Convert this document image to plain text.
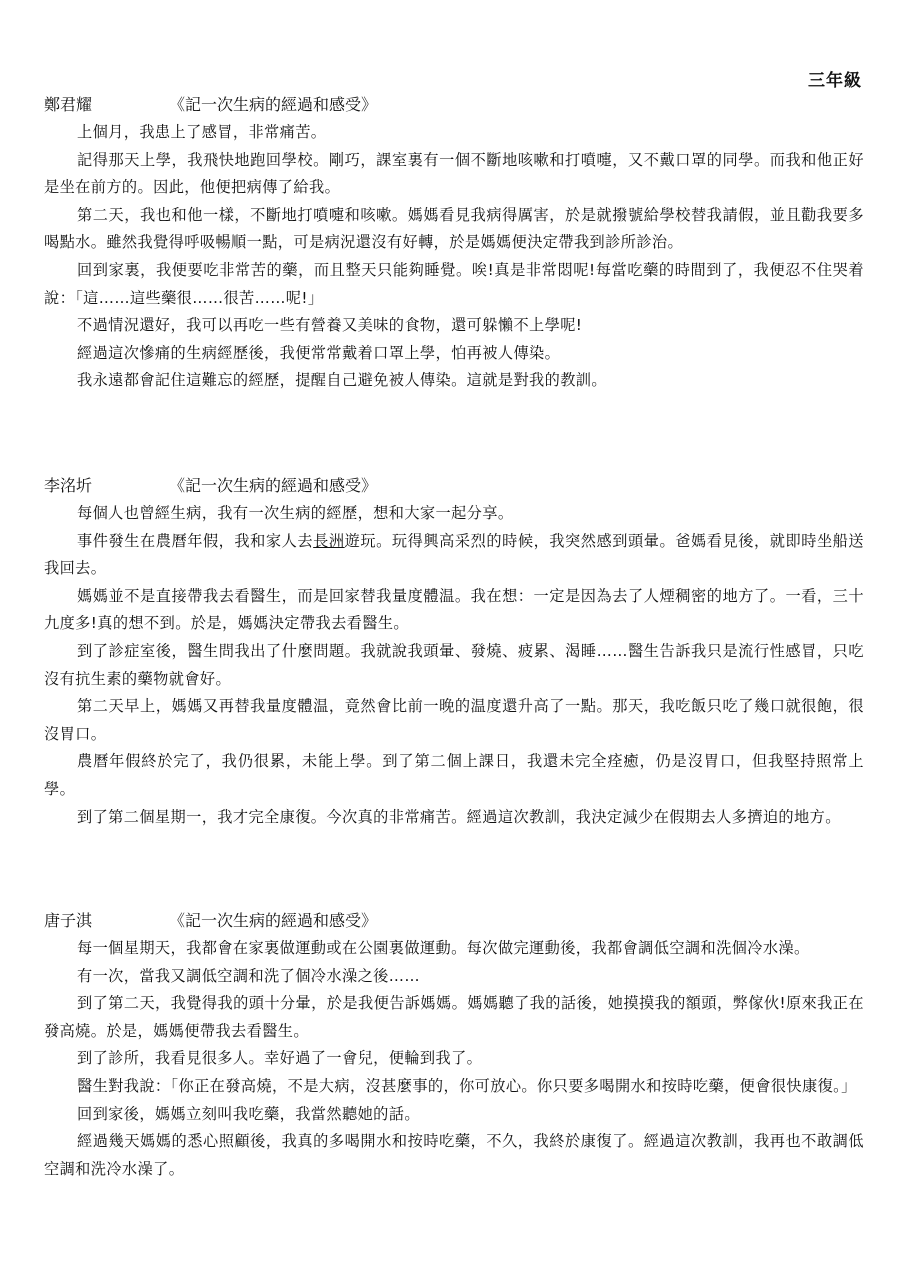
三年級
鄭君耀	《記一次生病的經過和感受》

上個月，我患上了感冒，非常痛苦。

記得那天上學，我飛快地跑回學校。剛巧，課室裏有一個不斷地咳嗽和打噴嚏，又不戴口罩的同學。而我和他正好是坐在前方的。因此，他便把病傳了給我。

第二天，我也和他一樣，不斷地打噴嚏和咳嗽。媽媽看見我病得厲害，於是就撥號給學校替我請假，並且勸我要多喝點水。雖然我覺得呼吸暢順一點，可是病況還沒有好轉，於是媽媽便決定帶我到診所診治。

回到家裏，我便要吃非常苦的藥，而且整天只能夠睡覺。唉!真是非常悶呢!每當吃藥的時間到了，我便忍不住哭着說：「這……這些藥很……很苦……呢!」

不過情況還好，我可以再吃一些有營養又美味的食物，還可躲懶不上學呢!

經過這次慘痛的生病經歷後，我便常常戴着口罩上學，怕再被人傳染。

我永遠都會記住這難忘的經歷，提醒自己避免被人傳染。這就是對我的教訓。

李洺圻	《記一次生病的經過和感受》

每個人也曾經生病，我有一次生病的經歷，想和大家一起分享。

事件發生在農曆年假，我和家人去長洲遊玩。玩得興高采烈的時候，我突然感到頭暈。爸媽看見後，就即時坐船送我回去。

媽媽並不是直接帶我去看醫生，而是回家替我量度體温。我在想：一定是因為去了人煙稠密的地方了。一看，三十九度多!真的想不到。於是，媽媽決定帶我去看醫生。

到了診症室後，醫生問我出了什麼問題。我就說我頭暈、發燒、疲累、渴睡……醫生告訴我只是流行性感冒，只吃沒有抗生素的藥物就會好。

第二天早上，媽媽又再替我量度體温，竟然會比前一晚的温度還升高了一點。那天，我吃飯只吃了幾口就很飽，很沒胃口。

農曆年假終於完了，我仍很累，未能上學。到了第二個上課日，我還未完全痊癒，仍是沒胃口，但我堅持照常上學。

到了第二個星期一，我才完全康復。今次真的非常痛苦。經過這次教訓，我決定減少在假期去人多擠迫的地方。

唐子淇	《記一次生病的經過和感受》

每一個星期天，我都會在家裏做運動或在公園裏做運動。每次做完運動後，我都會調低空調和洗個冷水澡。

有一次，當我又調低空調和洗了個冷水澡之後……

到了第二天，我覺得我的頭十分暈，於是我便告訴媽媽。媽媽聽了我的話後，她摸摸我的額頭，弊傢伙!原來我正在發高燒。於是，媽媽便帶我去看醫生。

到了診所，我看見很多人。幸好過了一會兒，便輪到我了。

醫生對我說：「你正在發高燒，不是大病，沒甚麼事的，你可放心。你只要多喝開水和按時吃藥，便會很快康復。」

回到家後，媽媽立刻叫我吃藥，我當然聽她的話。

經過幾天媽媽的悉心照顧後，我真的多喝開水和按時吃藥，不久，我終於康復了。經過這次教訓，我再也不敢調低空調和洗冷水澡了。
